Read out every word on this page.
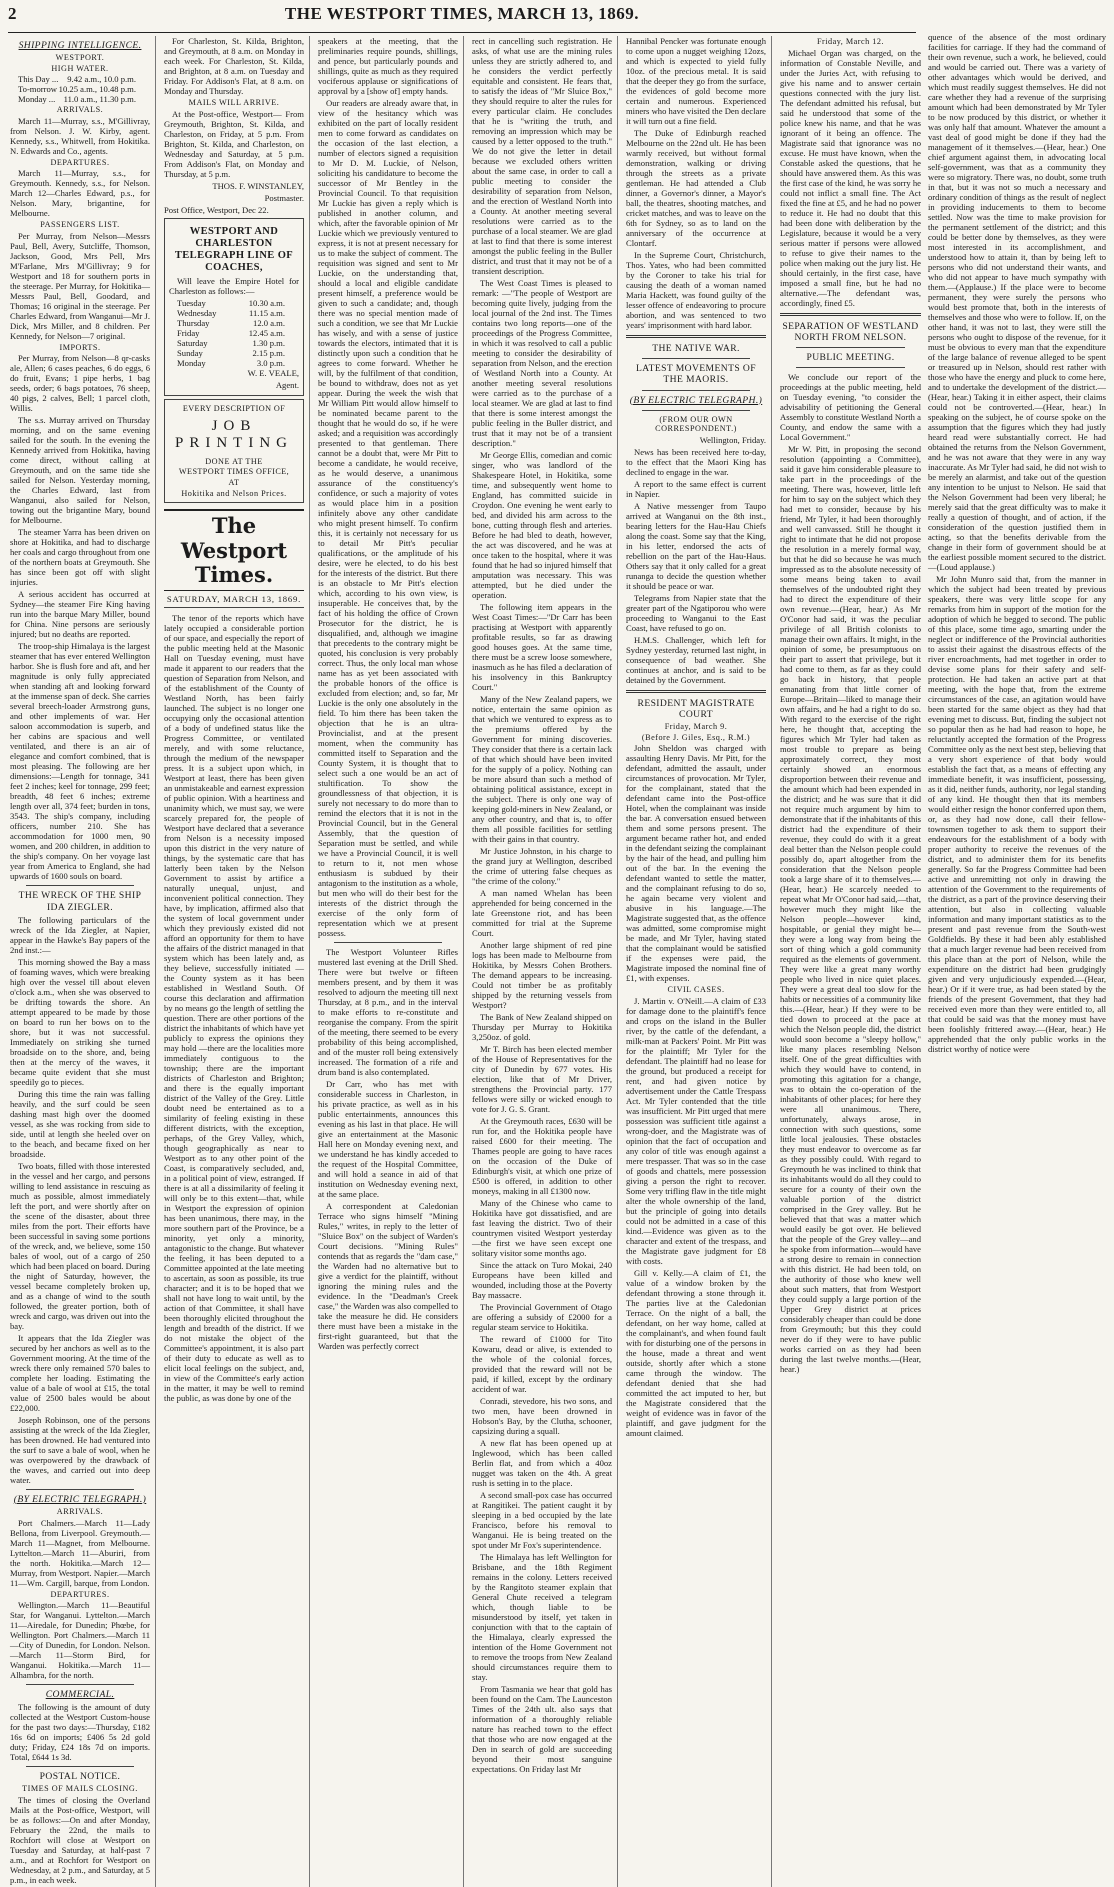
2	THE WESTPORT TIMES, MARCH 13, 1869.
SHIPPING INTELLIGENCE.
WESTPORT.
HIGH WATER.
This Day ... 9.42 a.m., 10.0 p.m.
To-morrow 10.25 a.m., 10.48 p.m.
Monday ... 11.0 a.m., 11.30 p.m.
ARRIVALS.

March 11—Murray, s.s., M'Gillivray, from Nelson. J. W. Kirby, agent. Kennedy, s.s., Whitwell, from Hokitika. N. Edwards and Co., agents.

DEPARTURES.

March 11—Murray, s.s., for Greymouth. Kennedy, s.s., for Nelson. March 12—Charles Edward, p.s., for Nelson. Mary, brigantine, for Melbourne.

PASSENGERS LIST.

Per Murray, from Nelson—Messrs Paul, Bell, Avery, Sutcliffe, Thomson, Jackson, Good, Mrs Pell, Mrs M'Farlane, Mrs M'Gillivray; 9 for Westport and 18 for southern ports in the steerage. Per Murray, for Hokitika—Messrs Paul, Bell, Goodard, and Thomas; 16 original in the steerage. Per Charles Edward, from Wanganui—Mr J. Dick, Mrs Miller, and 8 children. Per Kennedy, for Nelson—7 original.

IMPORTS.

Per Murray, from Nelson—8 qr-casks ale, Allen; 6 cases peaches, 6 do eggs, 6 do fruit, Evans; 1 pipe herbs, 1 bag seeds, order; 6 bags potatoes, 76 sheep, 40 pigs, 2 calves, Bell; 1 parcel cloth, Willis.

The s.s. Murray arrived on Thursday morning, and on the same evening sailed for the south. In the evening the Kennedy arrived from Hokitika, having come direct, without calling at Greymouth, and on the same tide she sailed for Nelson. Yesterday morning, the Charles Edward, last from Wanganui, also sailed for Nelson, towing out the brigantine Mary, bound for Melbourne.

The steamer Yarra has been driven on shore at Hokitika, and had to discharge her coals and cargo throughout from one of the northern boats at Greymouth. She has since been got off with slight injuries.

A serious accident has occurred at Sydney—the steamer Fire King having run into the barque Mary Miller, bound for China. Nine persons are seriously injured; but no deaths are reported.

The troop-ship Himalaya is the largest steamer that has ever entered Wellington harbor. She is flush fore and aft, and her magnitude is only fully appreciated when standing aft and looking forward at the immense span of deck. She carries several breech-loader Armstrong guns, and other implements of war. Her saloon accommodation is superb, and her cabins are spacious and well ventilated, and there is an air of elegance and comfort combined, that is most pleasing. The following are her dimensions:—Length for tonnage, 341 feet 2 inches; keel for tonnage, 299 feet; breadth, 48 feet 6 inches; extreme length over all, 374 feet; burden in tons, 3543. The ship's company, including officers, number 210. She has accommodation for 1000 men, 90 women, and 200 children, in addition to the ship's company. On her voyage last year from America to England, she had upwards of 1600 souls on board.

THE WRECK OF THE SHIP IDA ZIEGLER.

The following particulars of the wreck of the Ida Ziegler, at Napier, appear in the Hawke's Bay papers of the 2nd inst.:—

This morning showed the Bay a mass of foaming waves, which were breaking high over the vessel till about eleven o'clock a.m., when she was observed to be drifting towards the shore. An attempt appeared to be made by those on board to run her bows on to the shore, but it was not successful. Immediately on striking she turned broadside on to the shore, and, being then at the mercy of the waves, it became quite evident that she must speedily go to pieces.

During this time the rain was falling heavily, and the surf could be seen dashing mast high over the doomed vessel, as she was rocking from side to side, until at length she heeled over on to the beach, and became fixed on her broadside.

Two boats, filled with those interested in the vessel and her cargo, and persons willing to lend assistance in rescuing as much as possible, almost immediately left the port, and were shortly after on the scene of the disaster, about three miles from the port. Their efforts have been successful in saving some portions of the wreck, and, we believe, some 150 bales of wool, out of a cargo of 250 which had been placed on board. During the night of Saturday, however, the vessel became completely broken up, and as a change of wind to the south followed, the greater portion, both of wreck and cargo, was driven out into the bay.

It appears that the Ida Ziegler was secured by her anchors as well as to the Government mooring. At the time of the wreck there only remained 570 bales to complete her loading. Estimating the value of a bale of wool at £15, the total value of 2500 bales would be about £22,000.

Joseph Robinson, one of the persons assisting at the wreck of the Ida Ziegler, has been drowned. He had ventured into the surf to save a bale of wool, when he was overpowered by the drawback of the waves, and carried out into deep water.

(BY ELECTRIC TELEGRAPH.)
ARRIVALS.

Port Chalmers.—March 11—Lady Bellona, from Liverpool. Greymouth.—March 11—Magnet, from Melbourne. Lyttelton.—March 11—Aburiri, from the north. Hokitika.—March 12—Murray, from Westport. Napier.—March 11—Wm. Cargill, barque, from London.

DEPARTURES.

Wellington.—March 11—Beautiful Star, for Wanganui. Lyttelton.—March 11—Airedale, for Dunedin; Phœbe, for Wellington. Port Chalmers.—March 11—City of Dunedin, for London. Nelson.—March 11—Storm Bird, for Wanganui. Hokitika.—March 11—Alhambra, for the north.

COMMERCIAL.

The following is the amount of duty collected at the Westport Custom-house for the past two days:—Thursday, £182 16s 6d on imports; £406 5s 2d gold duty; Friday, £24 18s 7d on imports. Total, £644 1s 3d.

POSTAL NOTICE.
TIMES OF MAILS CLOSING.

The times of closing the Overland Mails at the Post-office, Westport, will be as follows:—On and after Monday, February the 22nd, the mails to Rochfort will close at Westport on Tuesday and Saturday, at half-past 7 a.m., and at Rochfort for Westport on Wednesday, at 2 p.m., and Saturday, at 5 p.m., in each week.

For Charleston, St. Kilda, Brighton, and Greymouth, at 8 a.m. on Monday in each week. For Charleston, St. Kilda, and Brighton, at 8 a.m. on Tuesday and Friday. For Addison's Flat, at 8 a.m. on Monday and Thursday.

MAILS WILL ARRIVE.

At the Post-office, Westport— From Greymouth, Brighton, St. Kilda, and Charleston, on Friday, at 5 p.m. From Brighton, St. Kilda, and Charleston, on Wednesday and Saturday, at 5 p.m. From Addison's Flat, on Monday and Thursday, at 5 p.m.

THOS. F. WINSTANLEY,

Postmaster.

Post Office, Westport, Dec 22.

WESTPORT AND CHARLESTON TELEGRAPH LINE OF COACHES,

Will leave the Empire Hotel for Charleston as follows:—

Tuesday	10.30 a.m.
Wednesday	11.15 a.m.
Thursday	12.0 a.m.
Friday	12.45 a.m.
Saturday	1.30 p.m.
Sunday	2.15 p.m.
Monday	3.0 p.m.

W. E. VEALE,

Agent.

EVERY DESCRIPTION OF
JOB PRINTING
DONE AT THE
WESTPORT TIMES OFFICE,
AT
Hokitika and Nelson Prices.
The Westport Times.
SATURDAY, MARCH 13, 1869.

The tenor of the reports which have lately occupied a considerable portion of our space, and especially the report of the public meeting held at the Masonic Hall on Tuesday evening, must have made it apparent to our readers that the question of Separation from Nelson, and of the establishment of the County of Westland North, has been fairly launched. The subject is no longer one occupying only the occasional attention of a body of undefined status like the Progress Committee, or ventilated merely, and with some reluctance, through the medium of the newspaper press. It is a subject upon which, in Westport at least, there has been given an unmistakeable and earnest expression of public opinion. With a heartiness and unanimity which, we must say, we were scarcely prepared for, the people of Westport have declared that a severance from Nelson is a necessity imposed upon this district in the very nature of things, by the systematic care that has latterly been taken by the Nelson Government to assist by artifice a naturally unequal, unjust, and inconvenient political connection. They have, by implication, affirmed also that the system of local government under which they previously existed did not afford an opportunity for them to have the affairs of the district managed in that system which has been lately and, as they believe, successfully initiated — the County system as it has been established in Westland South. Of course this declaration and affirmation by no means go the length of settling the question. There are other portions of the district the inhabitants of which have yet publicly to express the opinions they may hold —there are the localities more immediately contiguous to the township; there are the important districts of Charleston and Brighton; and there is the equally important district of the Valley of the Grey. Little doubt need be entertained as to a similarity of feeling existing in these different districts, with the exception, perhaps, of the Grey Valley, which, though geographically as near to Westport as to any other point of the Coast, is comparatively secluded, and, in a political point of view, estranged. If there is at all a dissimilarity of feeling it will only be to this extent—that, while in Westport the expression of opinion has been unanimous, there may, in the more southern part of the Province, be a minority, yet only a minority, antagonistic to the change. But whatever the feeling, it has been deputed to a Committee appointed at the late meeting to ascertain, as soon as possible, its true character; and it is to be hoped that we shall not have long to wait until, by the action of that Committee, it shall have been thoroughly elicited throughout the length and breadth of the district. If we do not mistake the object of the Committee's appointment, it is also part of their duty to educate as well as to elicit local feelings on the subject, and, in view of the Committee's early action in the matter, it may be well to remind the public, as was done by one of the

speakers at the meeting, that the preliminaries require pounds, shillings, and pence, but particularly pounds and shillings, quite as much as they required vociferous applause or significations of approval by a [show of] empty hands.

Our readers are already aware that, in view of the hesitancy which was exhibited on the part of locally resident men to come forward as candidates on the occasion of the last election, a number of electors signed a requisition to Mr D. M. Luckie, of Nelson, soliciting his candidature to become the successor of Mr Bentley in the Provincial Council. To that requisition Mr Luckie has given a reply which is published in another column, and which, after the favorable opinion of Mr Luckie which we previously ventured to express, it is not at present necessary for us to make the subject of comment. The requisition was signed and sent to Mr Luckie, on the understanding that, should a local and eligible candidate present himself, a preference would be given to such a candidate; and, though there was no special mention made of such a condition, we see that Mr Luckie has wisely, and with a sense of justice towards the electors, intimated that it is distinctly upon such a condition that he agrees to come forward. Whether he will, by the fulfilment of that condition, be bound to withdraw, does not as yet appear. During the week the wish that Mr William Pitt would allow himself to be nominated became parent to the thought that he would do so, if he were asked; and a requisition was accordingly presented to that gentleman. There cannot be a doubt that, were Mr Pitt to become a candidate, he would receive, as he would deserve, a unanimous assurance of the constituency's confidence, or such a majority of votes as would place him in a position infinitely above any other candidate who might present himself. To confirm this, it is certainly not necessary for us to detail Mr Pitt's peculiar qualifications, or the amplitude of his desire, were he elected, to do his best for the interests of the district. But there is an obstacle to Mr Pitt's election which, according to his own view, is insuperable. He conceives that, by the fact of his holding the office of Crown Prosecutor for the district, he is disqualified, and, although we imagine that precedents to the contrary might be quoted, his conclusion is very probably correct. Thus, the only local man whose name has as yet been associated with the probable honors of the office is excluded from election; and, so far, Mr Luckie is the only one absolutely in the field. To him there has been taken the objection that he is an ultra-Provincialist, and at the present moment, when the community has committed itself to Separation and the County System, it is thought that to select such a one would be an act of stultification. To show the groundlessness of that objection, it is surely not necessary to do more than to remind the electors that it is not in the Provincial Council, but in the General Assembly, that the question of Separation must be settled, and while we have a Provincial Council, it is well to return to it, not men whose enthusiasm is subdued by their antagonism to the institution as a whole, but men who will do their best for the interests of the district through the exercise of the only form of representation which we at present possess.

The Westport Volunteer Rifles mustered last evening at the Drill Shed. There were but twelve or fifteen members present, and by them it was resolved to adjourn the meeting till next Thursday, at 8 p.m., and in the interval to make efforts to re-constitute and reorganise the company. From the spirit of the meeting, there seemed to be every probability of this being accomplished, and of the muster roll being extensively increased. The formation of a rife and drum band is also contemplated.

Dr Carr, who has met with considerable success in Charleston, in his private practice, as well as in his public entertainments, announces this evening as his last in that place. He will give an entertainment at the Masonic Hall here on Monday evening next, and we understand he has kindly acceded to the request of the Hospital Committee, and will hold a seance in aid of that institution on Wednesday evening next, at the same place.

A correspondent at Caledonian Terrace who signs himself "Mining Rules," writes, in reply to the letter of "Sluice Box" on the subject of Warden's Court decisions. "Mining Rules" contends that as regards the "dam case," the Warden had no alternative but to give a verdict for the plaintiff, without ignoring the mining rules and the evidence. In the "Deadman's Creek case," the Warden was also compelled to take the measure he did. He considers there must have been a mistake in the first-right guaranteed, but that the Warden was perfectly correct

rect in cancelling such registration. He asks, of what use are the mining rules unless they are strictly adhered to, and he considers the verdict perfectly equitable and consistent. He fears that, to satisfy the ideas of "Mr Sluice Box," they should require to alter the rules for every particular claim. He concludes that he is "writing the truth, and removing an impression which may be caused by a letter opposed to the truth." We do not give the letter in detail because we excluded others written about the same case, in order to call a public meeting to consider the desirability of separation from Nelson, and the erection of Westland North into a County. At another meeting several resolutions were carried as to the purchase of a local steamer. We are glad at last to find that there is some interest amongst the public feeling in the Buller district, and trust that it may not be of a transient description.

The West Coast Times is pleased to remark: —"The people of Westport are becoming quite lively, judging from the local journal of the 2nd inst. The Times contains two long reports—one of the proceedings of the Progress Committee, in which it was resolved to call a public meeting to consider the desirability of separation from Nelson, and the erection of Westland North into a County. At another meeting several resolutions were carried as to the purchase of a local steamer. We are glad at last to find that there is some interest amongst the public feeling in the Buller district, and trust that it may not be of a transient description."

Mr George Ellis, comedian and comic singer, who was landlord of the Shakespeare Hotel, in Hokitika, some time, and subsequently went home to England, has committed suicide in Croydon. One evening he went early to bed, and divided his arm across to the bone, cutting through flesh and arteries. Before he had bled to death, however, the act was discovered, and he was at once taken to the hospital, where it was found that he had so injured himself that amputation was necessary. This was attempted, but he died under the operation.

The following item appears in the West Coast Times:—"Dr Carr has been practising at Westport with apparently profitable results, so far as drawing good houses goes. At the same time, there must be a screw loose somewhere, inasmuch as he has filed a declaration of his insolvency in this Bankruptcy Court."

Many of the New Zealand papers, we notice, entertain the same opinion as that which we ventured to express as to the premiums offered by the Government for mining discoveries. They consider that there is a certain lack of that which should have been invited for the supply of a policy. Nothing can be more absurd than such a method of obtaining political assistance, except in the subject. There is only one way of keeping gold-miners in New Zealand, or any other country, and that is, to offer them all possible facilities for settling with their gains in that country.

Mr Justice Johnston, in his charge to the grand jury at Wellington, described the crime of uttering false cheques as "the crime of the colony."

A man named Whelan has been apprehended for being concerned in the late Greenstone riot, and has been committed for trial at the Supreme Court.

Another large shipment of red pine logs has been made to Melbourne from Hokitika, by Messrs Cohen Brothers. The demand appears to be increasing. Could not timber be as profitably shipped by the returning vessels from Westport?

The Bank of New Zealand shipped on Thursday per Murray to Hokitika 3,250oz. of gold.

Mr T. Birch has been elected member of the House of Representatives for the city of Dunedin by 677 votes. His election, like that of Mr Driver, strengthens the Provincial party. 177 fellows were silly or wicked enough to vote for J. G. S. Grant.

At the Greymouth races, £630 will be run for, and the Hokitika people have raised £600 for their meeting. The Thames people are going to have races on the occasion of the Duke of Edinburgh's visit, at which one prize of £500 is offered, in addition to other moneys, making in all £1300 now.

Many of the Chinese who came to Hokitika have got dissatisfied, and are fast leaving the district. Two of their countrymen visited Westport yesterday—the first we have seen except one solitary visitor some months ago.

Since the attack on Turo Mokai, 240 Europeans have been killed and wounded, including those at the Poverty Bay massacre.

The Provincial Government of Otago are offering a subsidy of £2000 for a regular steam service to Hokitika.

The reward of £1000 for Tito Kowaru, dead or alive, is extended to the whole of the colonial forces, provided that the reward will not be paid, if killed, except by the ordinary accident of war.

Conradi, stevedore, his two sons, and two men, have been drowned in Hobson's Bay, by the Clutha, schooner, capsizing during a squall.

A new flat has been opened up at Inglewood, which has been called Berlin flat, and from which a 40oz nugget was taken on the 4th. A great rush is setting in to the place.

A second small-pox case has occurred at Rangitikei. The patient caught it by sleeping in a bed occupied by the late Francisco, before his removal to Wanganui. He is being treated on the spot under Mr Fox's superintendence.

The Himalaya has left Wellington for Brisbane, and the 18th Regiment remains in the colony. Letters received by the Rangitoto steamer explain that General Chute received a telegram which, though liable to be misunderstood by itself, yet taken in conjunction with that to the captain of the Himalaya, clearly expressed the intention of the Home Government not to remove the troops from New Zealand should circumstances require them to stay.

From Tasmania we hear that gold has been found on the Cam. The Launceston Times of the 24th ult. also says that information of a thoroughly reliable nature has reached town to the effect that those who are now engaged at the Den in search of gold are succeeding beyond their most sanguine expectations. On Friday last Mr

Hannibal Pencker was fortunate enough to come upon a nugget weighing 12ozs, and which is expected to yield fully 10oz. of the precious metal. It is said that the deeper they go from the surface, the evidences of gold become more certain and numerous. Experienced miners who have visited the Den declare it will turn out a fine field.

The Duke of Edinburgh reached Melbourne on the 22nd ult. He has been warmly received, but without formal demonstration, walking or driving through the streets as a private gentleman. He had attended a Club dinner, a Governor's dinner, a Mayor's ball, the theatres, shooting matches, and cricket matches, and was to leave on the 6th for Sydney, so as to land on the anniversary of the occurrence at Clontarf.

In the Supreme Court, Christchurch, Thos. Yates, who had been committed by the Coroner to take his trial for causing the death of a woman named Maria Hackett, was found guilty of the lesser offence of endeavoring to procure abortion, and was sentenced to two years' imprisonment with hard labor.

THE NATIVE WAR.
LATEST MOVEMENTS OF THE MAORIS.
(BY ELECTRIC TELEGRAPH.)
(FROM OUR OWN CORRESPONDENT.)

Wellington, Friday.

News has been received here to-day, to the effect that the Maori King has declined to engage in the war.

A report to the same effect is current in Napier.

A Native messenger from Taupo arrived at Wanganui on the 8th inst., bearing letters for the Hau-Hau Chiefs along the coast. Some say that the King, in his letter, endorsed the acts of rebellion on the part of the Hau-Haus. Others say that it only called for a great runanga to decide the question whether it should be peace or war.

Telegrams from Napier state that the greater part of the Ngatiporou who were proceeding to Wanganui to the East Coast, have refused to go on.

H.M.S. Challenger, which left for Sydney yesterday, returned last night, in consequence of bad weather. She continues at anchor, and is said to be detained by the Government.

RESIDENT MAGISTRATE COURT
Friday, March 9.
(Before J. Giles, Esq., R.M.)

John Sheldon was charged with assaulting Henry Davis. Mr Pitt, for the defendant, admitted the assault, under circumstances of provocation. Mr Tyler, for the complainant, stated that the defendant came into the Post-office Hotel, when the complainant was inside the bar. A conversation ensued between them and some persons present. The argument became rather hot, and ended in the defendant seizing the complainant by the hair of the head, and pulling him out of the bar. In the evening the defendant wanted to settle the matter, and the complainant refusing to do so, he again became very violent and abusive in his language.—The Magistrate suggested that, as the offence was admitted, some compromise might be made, and Mr Tyler, having stated that the complainant would be satisfied if the expenses were paid, the Magistrate imposed the nominal fine of £1, with expenses.

CIVIL CASES.

J. Martin v. O'Neill.—A claim of £33 for damage done to the plaintiff's fence and crops on the island in the Buller river, by the cattle of the defendant, a milk-man at Packers' Point. Mr Pitt was for the plaintiff; Mr Tyler for the defendant. The plaintiff had no lease for the ground, but produced a receipt for rent, and had given notice by advertisement under the Cattle Trespass Act. Mr Tyler contended that the title was insufficient. Mr Pitt urged that mere possession was sufficient title against a wrong-doer, and the Magistrate was of opinion that the fact of occupation and any color of title was enough against a mere trespasser. That was so in the case of goods and chattels, mere possession giving a person the right to recover. Some very trifling flaw in the title might alter the whole ownership of the land, but the principle of going into details could not be admitted in a case of this kind.—Evidence was given as to the character and extent of the trespass, and the Magistrate gave judgment for £8 with costs.

Gill v. Kelly.—A claim of £1, the value of a window broken by the defendant throwing a stone through it. The parties live at the Caledonian Terrace. On the night of a ball, the defendant, on her way home, called at the complainant's, and when found fault with for disturbing one of the persons in the house, made a threat and went outside, shortly after which a stone came through the window. The defendant denied that she had committed the act imputed to her, but the Magistrate considered that the weight of evidence was in favor of the plaintiff, and gave judgment for the amount claimed.

Friday, March 12.

Michael Organ was charged, on the information of Constable Neville, and under the Juries Act, with refusing to give his name and to answer certain questions connected with the jury list. The defendant admitted his refusal, but said he understood that some of the police knew his name, and that he was ignorant of it being an offence. The Magistrate said that ignorance was no excuse. He must have known, when the Constable asked the questions, that he should have answered them. As this was the first case of the kind, he was sorry he could not inflict a small fine. The Act fixed the fine at £5, and he had no power to reduce it. He had no doubt that this had been done with deliberation by the Legislature, because it would be a very serious matter if persons were allowed to refuse to give their names to the police when making out the jury list. He should certainly, in the first case, have imposed a small fine, but he had no alternative.—The defendant was, accordingly, fined £5.

SEPARATION OF WESTLAND NORTH FROM NELSON.
PUBLIC MEETING.

We conclude our report of the proceedings at the public meeting, held on Tuesday evening, "to consider the advisability of petitioning the General Assembly to constitute Westland North a County, and endow the same with a Local Government."

Mr W. Pitt, in proposing the second resolution (appointing a Committee), said it gave him considerable pleasure to take part in the proceedings of the meeting. There was, however, little left for him to say on the subject which they had met to consider, because by his friend, Mr Tyler, it had been thoroughly and well canvassed. Still he thought it right to intimate that he did not propose the resolution in a merely formal way, but that he did so because he was much impressed as to the absolute necessity of some means being taken to avail themselves of the undoubted right they had to direct the expenditure of their own revenue.—(Hear, hear.) As Mr O'Conor had said, it was the peculiar privilege of all British colonists to manage their own affairs. It might, in the opinion of some, be presumptuous on their part to assert that privilege, but it had come to them, as far as they could go back in history, that people emanating from that little corner of Europe—Britain—liked to manage their own affairs, and he had a right to do so. With regard to the exercise of the right here, he thought that, accepting the figures which Mr Tyler had taken as most trouble to prepare as being approximately correct, they most certainly showed an enormous disproportion between their revenue and the amount which had been expended in the district; and he was sure that it did not require much argument by him to demonstrate that if the inhabitants of this district had the expenditure of their revenue, they could do with it a great deal better than the Nelson people could possibly do, apart altogether from the consideration that the Nelson people took a large share of it to themselves.—(Hear, hear.) He scarcely needed to repeat what Mr O'Conor had said,—that, however much they might like the Nelson people—however kind, hospitable, or genial they might be—they were a long way from being the sort of thing which a gold community required as the elements of government. They were like a great many worthy people who lived in nice quiet places. They were a great deal too slow for the habits or necessities of a community like this.—(Hear, hear.) If they were to be tied down to proceed at the pace at which the Nelson people did, the district would soon become a "sleepy hollow," like many places resembling Nelson itself. One of the great difficulties with which they would have to contend, in promoting this agitation for a change, was to obtain the co-operation of the inhabitants of other places; for here they were all unanimous. There, unfortunately, always arose, in connection with such questions, some little local jealousies. These obstacles they must endeavor to overcome as far as they possibly could. With regard to Greymouth he was inclined to think that its inhabitants would do all they could to secure for a county of their own the valuable portion of the district comprised in the Grey valley. But he believed that that was a matter which would easily be got over. He believed that the people of the Grey valley—and he spoke from information—would have a strong desire to remain in connection with this district. He had been told, on the authority of those who knew well about such matters, that from Westport they could supply a large portion of the Upper Grey district at prices considerably cheaper than could be done from Greymouth; but this they could never do if they were to have public works carried on as they had been during the last twelve months.—(Hear, hear.)

quence of the absence of the most ordinary facilities for carriage. If they had the command of their own revenue, such a work, he believed, could and would be carried out. There was a variety of other advantages which would be derived, and which must readily suggest themselves. He did not care whether they had a revenue of the surprising amount which had been demonstrated by Mr Tyler to be now produced by this district, or whether it was only half that amount. Whatever the amount a vast deal of good might be done if they had the management of it themselves.—(Hear, hear.) One chief argument against them, in advocating local self-government, was that as a community they were so migratory. There was, no doubt, some truth in that, but it was not so much a necessary and ordinary condition of things as the result of neglect in providing inducements to them to become settled. Now was the time to make provision for the permanent settlement of the district; and this could be better done by themselves, as they were most interested in its accomplishment, and understood how to attain it, than by being left to persons who did not understand their wants, and who did not appear to have much sympathy with them.—(Applause.) If the place were to become permanent, they were surely the persons who would best promote that, both in the interests of themselves and those who were to follow. If, on the other hand, it was not to last, they were still the persons who ought to dispose of the revenue, for it must be obvious to every man that the expenditure of the large balance of revenue alleged to be spent or treasured up in Nelson, should rest rather with those who have the energy and pluck to come here, and to undertake the development of the district.—(Hear, hear.) Taking it in either aspect, their claims could not be controverted.—(Hear, hear.) In speaking on the subject, he of course spoke on the assumption that the figures which they had justly heard read were substantially correct. He had obtained the returns from the Nelson Government, and he was not aware that they were in any way inaccurate. As Mr Tyler had said, he did not wish to be merely an alarmist, and take out of the question any intention to be unjust to Nelson. He said that the Nelson Government had been very liberal; he merely said that the great difficulty was to make it really a question of thought, and of action, if the consideration of the question justified them in acting, so that the benefits derivable from the change in their form of government should be at the earliest possible moment secured to the district.—(Loud applause.)

Mr John Munro said that, from the manner in which the subject had been treated by previous speakers, there was very little scope for any remarks from him in support of the motion for the adoption of which he begged to second. The public of this place, some time ago, smarting under the neglect or indifference of the Provincial authorities to assist their against the disastrous effects of the river encroachments, had met together in order to devise some plans for their safety and self-protection. He had taken an active part at that meeting, with the hope that, from the extreme circumstances of the case, an agitation would have been started for the same object as they had that evening met to discuss. But, finding the subject not so popular then as he had had reason to hope, he reluctantly accepted the formation of the Progress Committee only as the next best step, believing that a very short experience of that body would establish the fact that, as a means of effecting any immediate benefit, it was insufficient, possessing, as it did, neither funds, authority, nor legal standing of any kind. He thought then that its members would either resign the honor conferred upon them, or, as they had now done, call their fellow-townsmen together to ask them to support their endeavours for the establishment of a body with proper authority to receive the revenues of the district, and to administer them for its benefits generally. So far the Progress Committee had been active and unremitting not only in drawing the attention of the Government to the requirements of the district, as a part of the province deserving their attention, but also in collecting valuable information and many important statistics as to the present and past revenue from the South-west Goldfields. By these it had been ably established that a much larger revenue had been received from this place than at the port of Nelson, while the expenditure on the district had been grudgingly given and very unjudiciously expended.—(Hear, hear.) Or if it were true, as had been stated by the friends of the present Government, that they had received even more than they were entitled to, all that could be said was that the money must have been foolishly frittered away.—(Hear, hear.) He apprehended that the only public works in the district worthy of notice were
